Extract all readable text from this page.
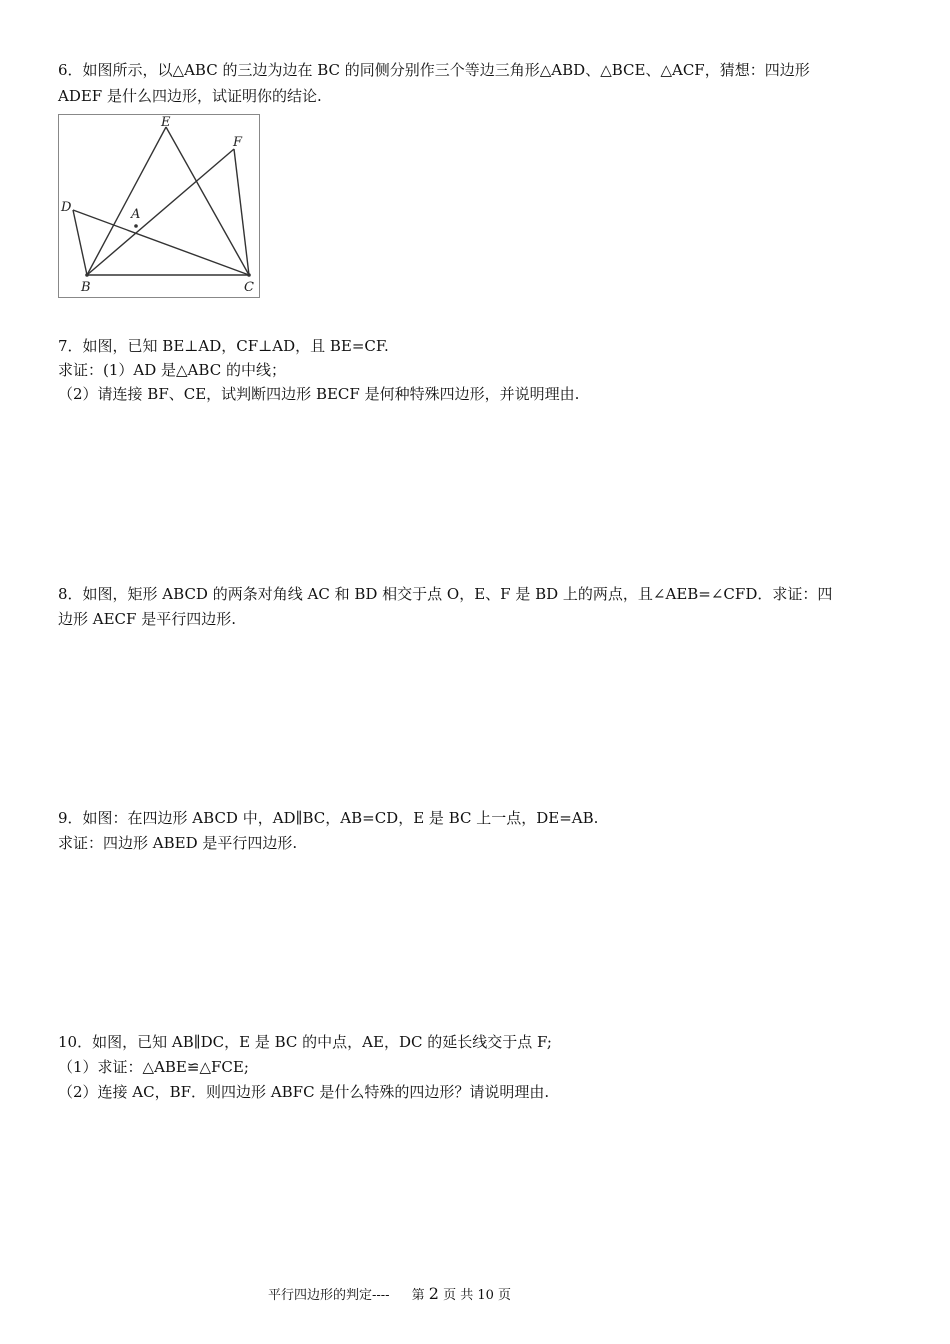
6．如图所示，以△ABC 的三边为边在 BC 的同侧分别作三个等边三角形△ABD、△BCE、△ACF，猜想：四边形
ADEF 是什么四边形，试证明你的结论.
E
F
D	A
B	C
7．如图，已知 BE⊥AD，CF⊥AD，且 BE=CF.
求证：(1）AD 是△ABC 的中线；
（2）请连接 BF、CE，试判断四边形 BECF 是何种特殊四边形，并说明理由.
8．如图，矩形 ABCD 的两条对角线 AC 和 BD 相交于点 O，E、F 是 BD 上的两点，且∠AEB=∠CFD．求证：四
边形 AECF 是平行四边形.
9．如图：在四边形 ABCD 中，AD∥BC，AB=CD，E 是 BC 上一点，DE=AB.
求证：四边形 ABED 是平行四边形.
10．如图，已知 AB∥DC，E 是 BC 的中点，AE，DC 的延长线交于点 F;
（1）求证：△ABE≌△FCE;
（2）连接 AC，BF．则四边形 ABFC 是什么特殊的四边形？请说明理由.
平行四边形的判定---- 第 2 页 共 10 页
